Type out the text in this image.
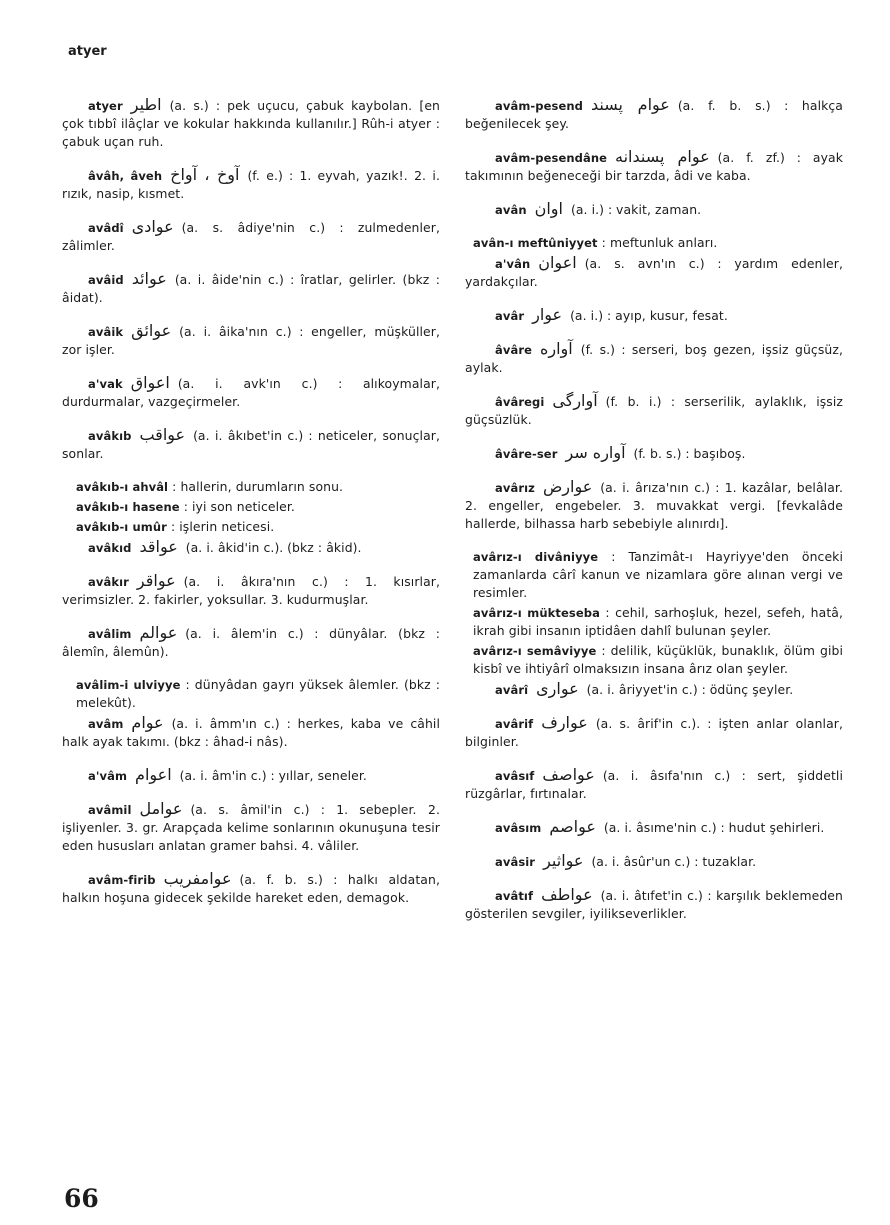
atyer
atyer اطیر (a. s.) : pek uçucu, çabuk kaybolan. [en çok tıbbî ilâçlar ve kokular hakkında kullanılır.] Rûh-i atyer : çabuk uçan ruh.
âvâh, âveh آوخ ، آواخ (f. e.) : 1. eyvah, yazık!. 2. i. rızık, nasip, kısmet.
avâdî عوادى (a. s. âdiye'nin c.) : zulmedenler, zâlimler.
avâid عوائد (a. i. âide'nin c.) : îratlar, gelirler. (bkz : âidat).
avâik عوائق (a. i. âika'nın c.) : engeller, müşküller, zor işler.
a'vak اعواق (a. i. avk'ın c.) : alıkoymalar, durdurmalar, vazgeçirmeler.
avâkıb عواقب (a. i. âkıbet'in c.) : neticeler, sonuçlar, sonlar.
avâkıb-ı ahvâl : hallerin, durumların sonu.
avâkıb-ı hasene : iyi son neticeler.
avâkıb-ı umûr : işlerin neticesi.
avâkıd عواقد (a. i. âkid'in c.). (bkz : âkid).
avâkır عواقر (a. i. âkıra'nın c.) : 1. kısırlar, verimsizler. 2. fakirler, yoksullar. 3. kudurmuşlar.
avâlim عوالم (a. i. âlem'in c.) : dünyâlar. (bkz : âlemîn, âlemûn).
avâlim-i ulviyye : dünyâdan gayrı yüksek âlemler. (bkz : melekût).
avâm عوام (a. i. âmm'ın c.) : herkes, kaba ve câhil halk ayak takımı. (bkz : âhad-i nâs).
a'vâm اعوام (a. i. âm'in c.) : yıllar, seneler.
avâmil عوامل (a. s. âmil'in c.) : 1. sebepler. 2. işliyenler. 3. gr. Arapçada kelime sonlarının okunuşuna tesir eden hususları anlatan gramer bahsi. 4. vâliler.
avâm-firib عوامفریب (a. f. b. s.) : halkı aldatan, halkın hoşuna gidecek şekilde hareket eden, demagok.
avâm-pesend عوام پسند (a. f. b. s.) : halkça beğenilecek şey.
avâm-pesendâne عوام پسندانه (a. f. zf.) : ayak takımının beğeneceği bir tarzda, âdi ve kaba.
avân اوان (a. i.) : vakit, zaman.
avân-ı meftûniyyet : meftunluk anları.
a'vân اعوان (a. s. avn'ın c.) : yardım edenler, yardakçılar.
avâr عوار (a. i.) : ayıp, kusur, fesat.
âvâre آواره (f. s.) : serseri, boş gezen, işsiz güçsüz, aylak.
âvâregi آوارگى (f. b. i.) : serserilik, aylaklık, işsiz güçsüzlük.
âvâre-ser آواره سر (f. b. s.) : başıboş.
avârız عوارض (a. i. ârıza'nın c.) : 1. kazâlar, belâlar. 2. engeller, engebeler. 3. muvakkat vergi. [fevkalâde hallerde, bilhassa harb sebebiyle alınırdı].
avârız-ı divâniyye : Tanzimât-ı Hayriyye'den önceki zamanlarda cârî kanun ve nizamlara göre alınan vergi ve resimler.
avârız-ı mükteseba : cehil, sarhoşluk, hezel, sefeh, hatâ, ikrah gibi insanın iptidâen dahlî bulunan şeyler.
avârız-ı semâviyye : delilik, küçüklük, bunaklık, ölüm gibi kisbî ve ihtiyârî olmaksızın insana ârız olan şeyler.
avârî عوارى (a. i. âriyyet'in c.) : ödünç şeyler.
avârif عوارف (a. s. ârif'in c.). : işten anlar olanlar, bilginler.
avâsıf عواصف (a. i. âsıfa'nın c.) : sert, şiddetli rüzgârlar, fırtınalar.
avâsım عواصم (a. i. âsıme'nin c.) : hudut şehirleri.
avâsir عواثیر (a. i. âsûr'un c.) : tuzaklar.
avâtıf عواطف (a. i. âtıfet'in c.) : karşılık beklemeden gösterilen sevgiler, iyilikseverlikler.
66
